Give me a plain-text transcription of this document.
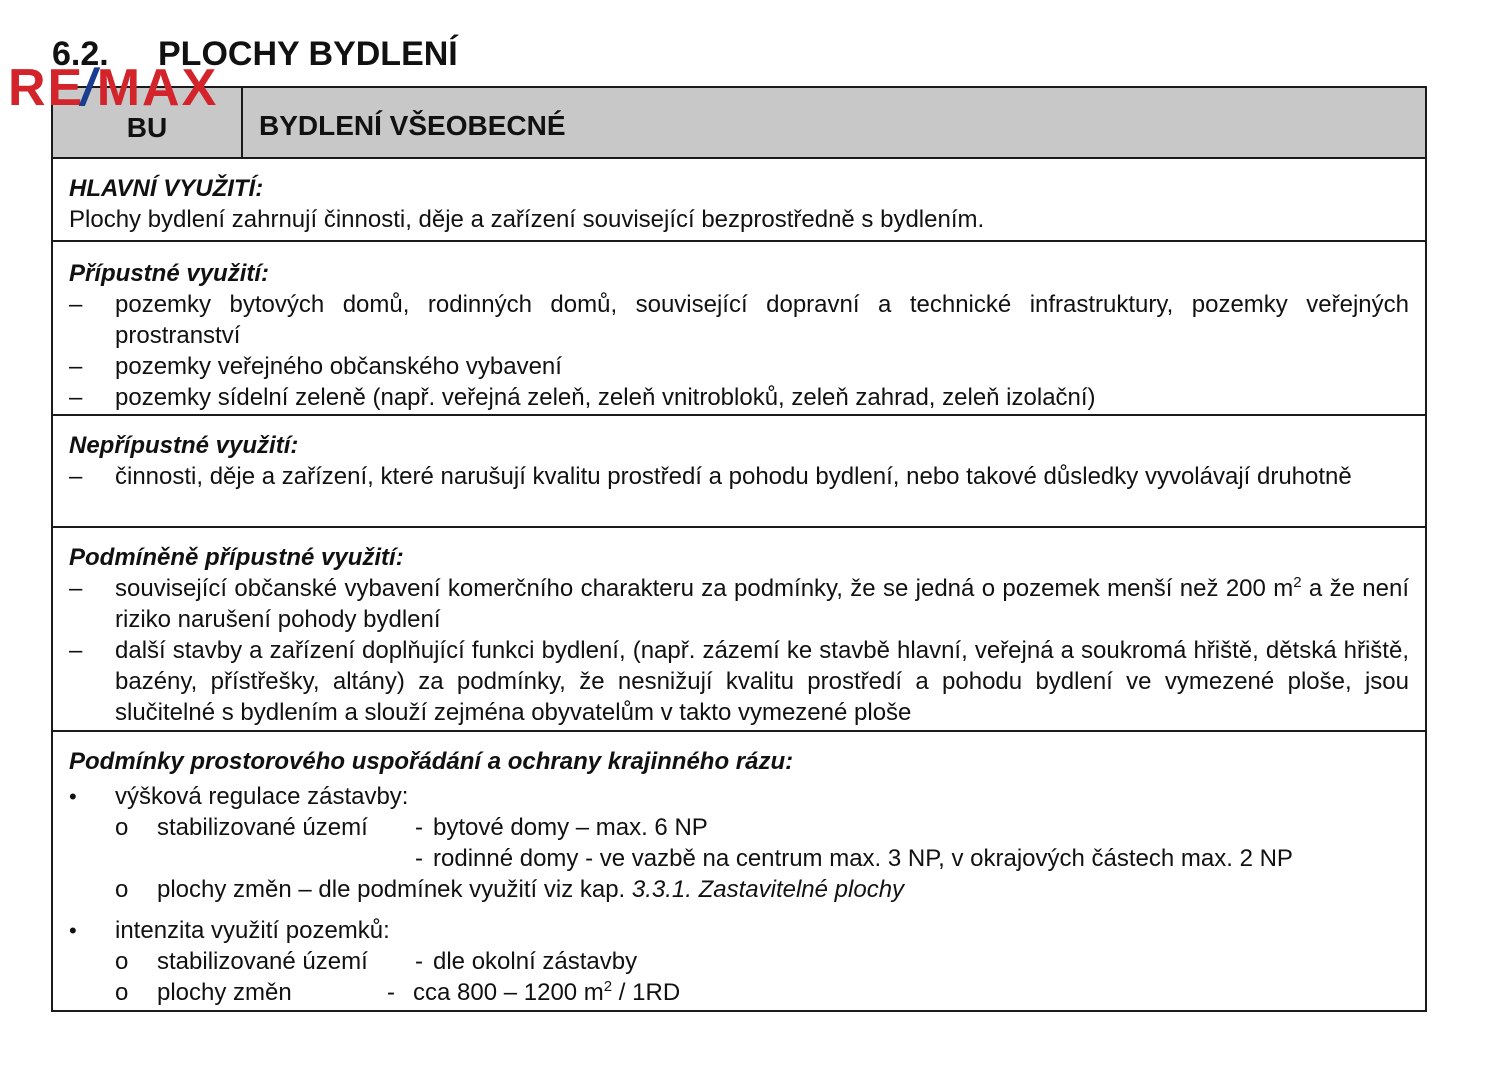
RE/MAX
6.2. PLOCHY BYDLENÍ
BU	BYDLENÍ VŠEOBECNÉ
HLAVNÍ VYUŽITÍ:
Plochy bydlení zahrnují činnosti, děje a zařízení související bezprostředně s bydlením.
Přípustné využití:
–	pozemky bytových domů, rodinných domů, související dopravní a technické infrastruktury, pozemky veřejných prostranství
–	pozemky veřejného občanského vybavení
–	pozemky sídelní zeleně (např. veřejná zeleň, zeleň vnitrobloků, zeleň zahrad, zeleň izolační)
Nepřípustné využití:
–	činnosti, děje a zařízení, které narušují kvalitu prostředí a pohodu bydlení, nebo takové důsledky vyvolávají druhotně
Podmíněně přípustné využití:
–	související občanské vybavení komerčního charakteru za podmínky, že se jedná o pozemek menší než 200 $m^2$ a že není riziko narušení pohody bydlení
–	další stavby a zařízení doplňující funkci bydlení, (např. zázemí ke stavbě hlavní, veřejná a soukromá hřiště, dětská hřiště, bazény, přístřešky, altány) za podmínky, že nesnižují kvalitu prostředí a pohodu bydlení ve vymezené ploše, jsou slučitelné s bydlením a slouží zejména obyvatelům v takto vymezené ploše
Podmínky prostorového uspořádání a ochrany krajinného rázu:
•	výšková regulace zástavby:
o	stabilizované území	- bytové domy – max. 6 NP
- rodinné domy - ve vazbě na centrum max. 3 NP, v okrajových částech max. 2 NP
o	plochy změn – dle podmínek využití viz kap. 3.3.1. Zastavitelné plochy
•	intenzita využití pozemků:
o	stabilizované území	- dle okolní zástavby
o	plochy změn	- cca 800 – 1200 $m^2 / 1RD$
